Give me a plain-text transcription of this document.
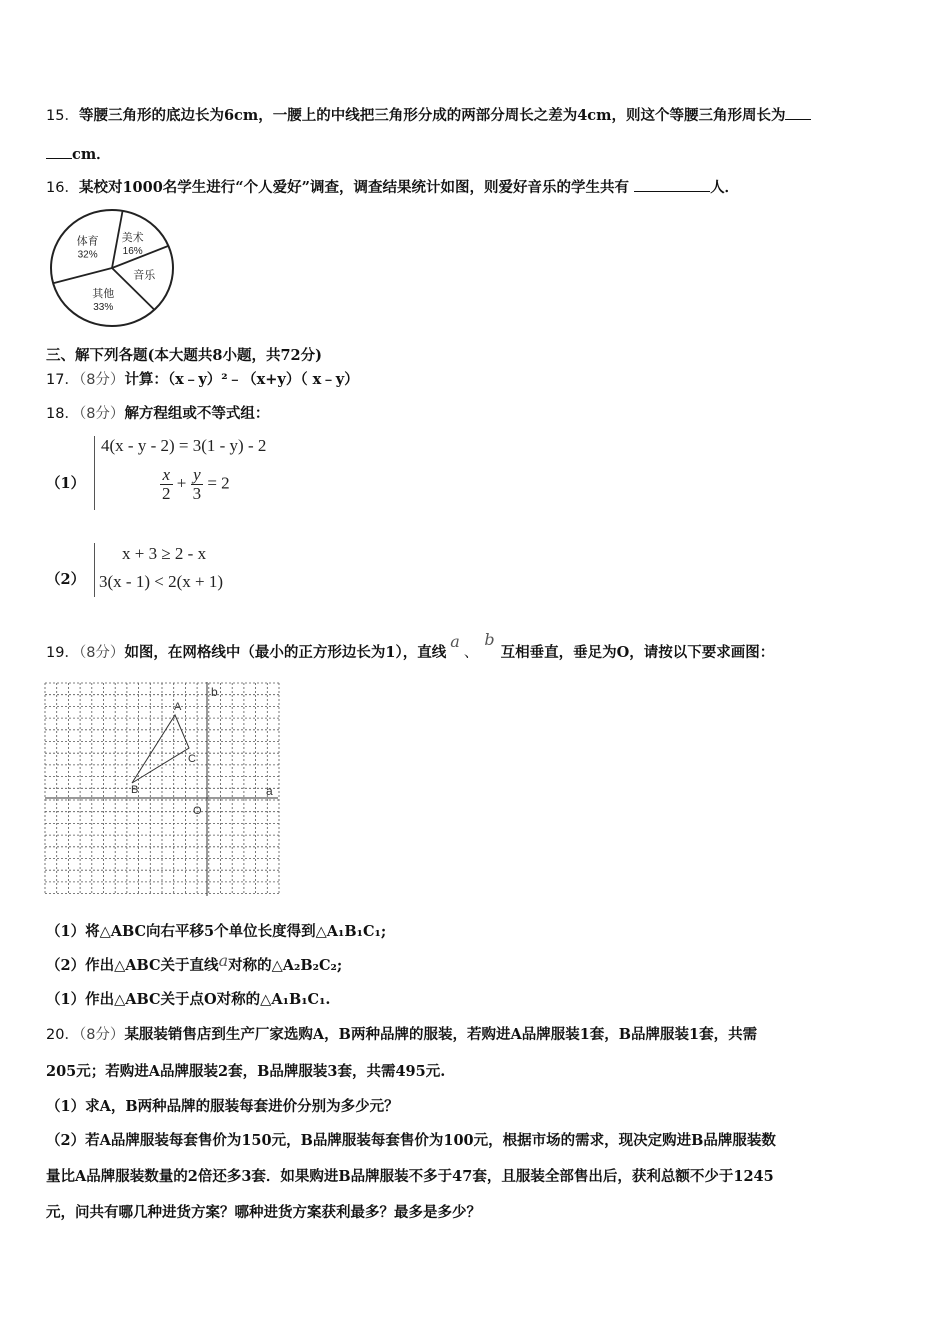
15．等腰三角形的底边长为6cm，一腰上的中线把三角形分成的两部分周长之差为4cm，则这个等腰三角形周长为
cm．
16．某校对1000名学生进行“个人爱好”调查，调查结果统计如图，则爱好音乐的学生共有	人．
体育
32%
美术
16%
音乐
其他
33%
三、解下列各题(本大题共8小题，共72分)
17．（8分）计算：（x﹣y）²﹣（x+y）（ x﹣y）
18．（8分）解方程组或不等式组：
（1）
4(x - y - 2) = 3(1 - y) - 2
$\frac{x}{2} + \frac{y}{3} = 2$
（2）
x + 3 ≥ 2 - x
3(x - 1) < 2(x + 1)
19．（8分）如图，在网格线中（最小的正方形边长为1），直线a、b互相垂直，垂足为O，请按以下要求画图：
B
A
C
O
a
b
（1）将△ABC向右平移5个单位长度得到△A₁B₁C₁;
（2）作出△ABC关于直线a对称的△A₂B₂C₂;
（1）作出△ABC关于点O对称的△A₁B₁C₁.
20．（8分）某服装销售店到生产厂家选购A，B两种品牌的服装，若购进A品牌服装1套，B品牌服装1套，共需
205元；若购进A品牌服装2套，B品牌服装3套，共需495元.
（1）求A，B两种品牌的服装每套进价分别为多少元？
（2）若A品牌服装每套售价为150元，B品牌服装每套售价为100元，根据市场的需求，现决定购进B品牌服装数
量比A品牌服装数量的2倍还多3套．如果购进B品牌服装不多于47套，且服装全部售出后，获利总额不少于1245
元，问共有哪几种进货方案？哪种进货方案获利最多？最多是多少？
